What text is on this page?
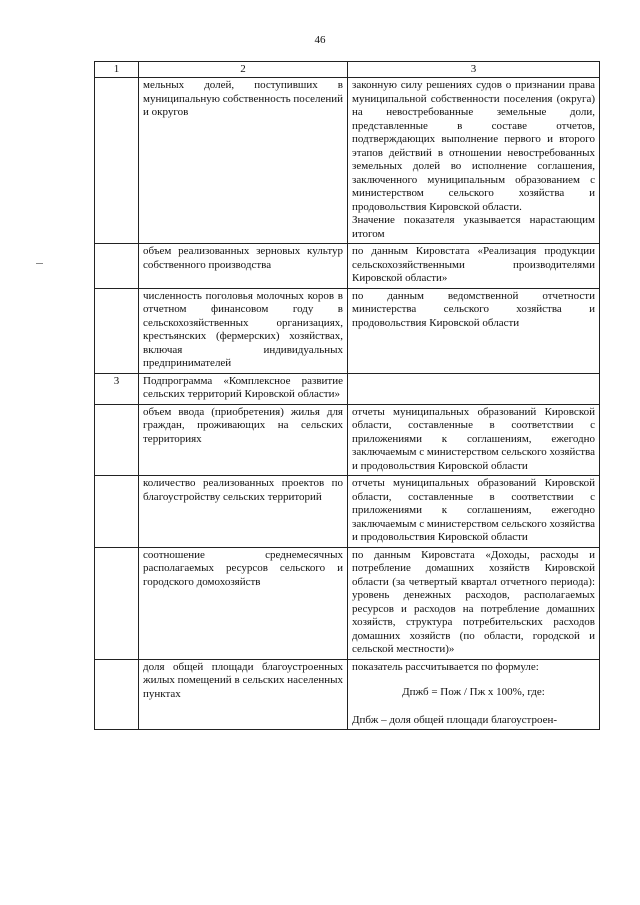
46
1	2	3
	мельных долей, поступивших в муниципальную собственность поселений и округов	законную силу решениях судов о признании права муниципальной собственности поселения (округа) на невостребованные земельные доли, представленные в составе отчетов, подтверждающих выполнение первого и второго этапов действий в отношении невостребованных земельных долей во исполнение соглашения, заключенного муниципальным образованием с министерством сельского хозяйства и продовольствия Кировской области.
Значение показателя указывается нарастающим итогом

	объем реализованных зерновых культур собственного производства	по данным Кировстата «Реализация продукции сельскохозяйственными производителями Кировской области»
	численность поголовья молочных коров в отчетном финансовом году в сельскохозяйственных организациях, крестьянских (фермерских) хозяйствах, включая индивидуальных предпринимателей	по данным ведомственной отчетности министерства сельского хозяйства и продовольствия Кировской области
3	Подпрограмма «Комплексное развитие сельских территорий Кировской области»	
	объем ввода (приобретения) жилья для граждан, проживающих на сельских территориях	отчеты муниципальных образований Кировской области, составленные в соответствии с приложениями к соглашениям, ежегодно заключаемым с министерством сельского хозяйства и продовольствия Кировской области
	количество реализованных проектов по благоустройству сельских территорий	отчеты муниципальных образований Кировской области, составленные в соответствии с приложениями к соглашениям, ежегодно заключаемым с министерством сельского хозяйства и продовольствия Кировской области
	соотношение среднемесячных располагаемых ресурсов сельского и городского домохозяйств	по данным Кировстата «Доходы, расходы и потребление домашних хозяйств Кировской области (за четвертый квартал отчетного периода): уровень денежных расходов, располагаемых ресурсов и расходов на потребление домашних хозяйств, структура потребительских расходов домашних хозяйств (по области, городской и сельской местности)»
	доля общей площади благоустроенных жилых помещений в сельских населенных пунктах	показатель рассчитывается по формуле:
Дпжб = Пож / Пж x 100%, где:
Дпбж – доля общей площади благоустроен-
